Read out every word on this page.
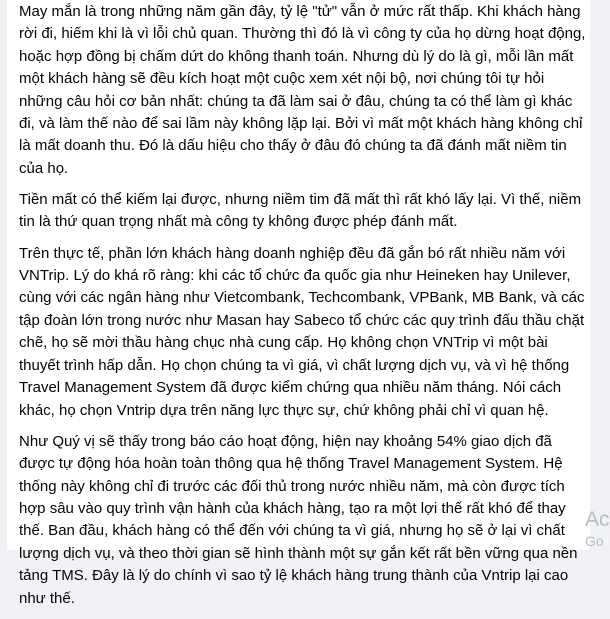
May mắn là trong những năm gần đây, tỷ lệ "tử" vẫn ở mức rất thấp. Khi khách hàng
rời đi, hiếm khi là vì lỗi chủ quan. Thường thì đó là vì công ty của họ dừng hoạt động,
hoặc hợp đồng bị chấm dứt do không thanh toán. Nhưng dù lý do là gì, mỗi lần mất
một khách hàng sẽ đều kích hoạt một cuộc xem xét nội bộ, nơi chúng tôi tự hỏi
những câu hỏi cơ bản nhất: chúng ta đã làm sai ở đâu, chúng ta có thể làm gì khác
đi, và làm thế nào để sai lầm này không lặp lại. Bởi vì mất một khách hàng không chỉ
là mất doanh thu. Đó là dấu hiệu cho thấy ở đâu đó chúng ta đã đánh mất niềm tin
của họ.
Tiền mất có thể kiếm lại được, nhưng niềm tim đã mất thì rất khó lấy lại. Vì thế, niềm
tin là thứ quan trọng nhất mà công ty không được phép đánh mất.
Trên thực tế, phần lớn khách hàng doanh nghiệp đều đã gắn bó rất nhiều năm với
VNTrip. Lý do khá rõ ràng: khi các tổ chức đa quốc gia như Heineken hay Unilever,
cùng với các ngân hàng như Vietcombank, Techcombank, VPBank, MB Bank, và các
tập đoàn lớn trong nước như Masan hay Sabeco tổ chức các quy trình đấu thầu chặt
chẽ, họ sẽ mời thầu hàng chục nhà cung cấp. Họ không chọn VNTrip vì một bài
thuyết trình hấp dẫn. Họ chọn chúng ta vì giá, vì chất lượng dịch vụ, và vì hệ thống
Travel Management System đã được kiểm chứng qua nhiều năm tháng. Nói cách
khác, họ chọn Vntrip dựa trên năng lực thực sự, chứ không phải chỉ vì quan hệ.
Như Quý vị sẽ thấy trong báo cáo hoạt động, hiện nay khoảng 54% giao dịch đã
được tự động hóa hoàn toàn thông qua hệ thống Travel Management System. Hệ
thống này không chỉ đi trước các đối thủ trong nước nhiều năm, mà còn được tích
hợp sâu vào quy trình vận hành của khách hàng, tạo ra một lợi thế rất khó để thay
thế. Ban đầu, khách hàng có thể đến với chúng ta vì giá, nhưng họ sẽ ở lại vì chất
lượng dịch vụ, và theo thời gian sẽ hình thành một sự gắn kết rất bền vững qua nền
tảng TMS. Đây là lý do chính vì sao tỷ lệ khách hàng trung thành của Vntrip lại cao
như thế.
Ac
Go
